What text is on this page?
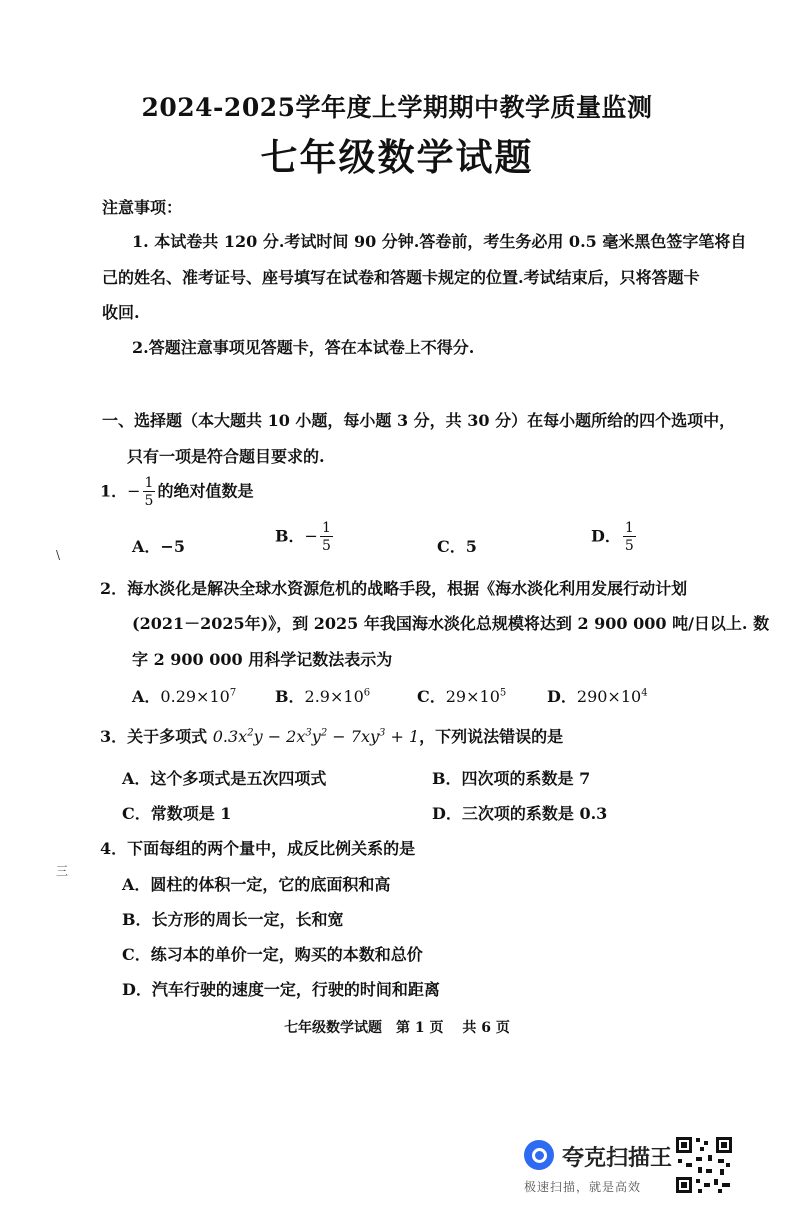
2024-2025学年度上学期期中教学质量监测
七年级数学试题
注意事项：
1. 本试卷共 120 分.考试时间 90 分钟.答卷前，考生务必用 0.5 毫米黑色签字笔将自
己的姓名、准考证号、座号填写在试卷和答题卡规定的位置.考试结束后，只将答题卡
收回.
2.答题注意事项见答题卡，答在本试卷上不得分.
一、选择题（本大题共 10 小题，每小题 3 分，共 30 分）在每小题所给的四个选项中，
只有一项是符合题目要求的.
1．− $\frac{1}{5}$ 的绝对值数是
A．−5
B．− $\frac{1}{5}$	C．5
D． $\frac{1}{5}$
2．海水淡化是解决全球水资源危机的战略手段，根据《海水淡化利用发展行动计划
(2021－2025年)》，到 2025 年我国海水淡化总规模将达到 2 900 000 吨/日以上. 数
字 2 900 000 用科学记数法表示为
A．$0.29\times 10^7$ B．$2.9\times 10^6$	C．$29\times 10^5$	D．$290\times 10^4$
3．关于多项式 $0.3x^2y - 2x^3y^2 - 7xy^3 + 1$，下列说法错误的是
A．这个多项式是五次四项式	B．四次项的系数是 7
C．常数项是 1	D．三次项的系数是 0.3
4．下面每组的两个量中，成反比例关系的是
A．圆柱的体积一定，它的底面积和高
B．长方形的周长一定，长和宽
C．练习本的单价一定，购买的本数和总价
D．汽车行驶的速度一定，行驶的时间和距离
\
三
七年级数学试题　第 1 页　 共 6 页
夸克扫描王
极速扫描，就是高效
